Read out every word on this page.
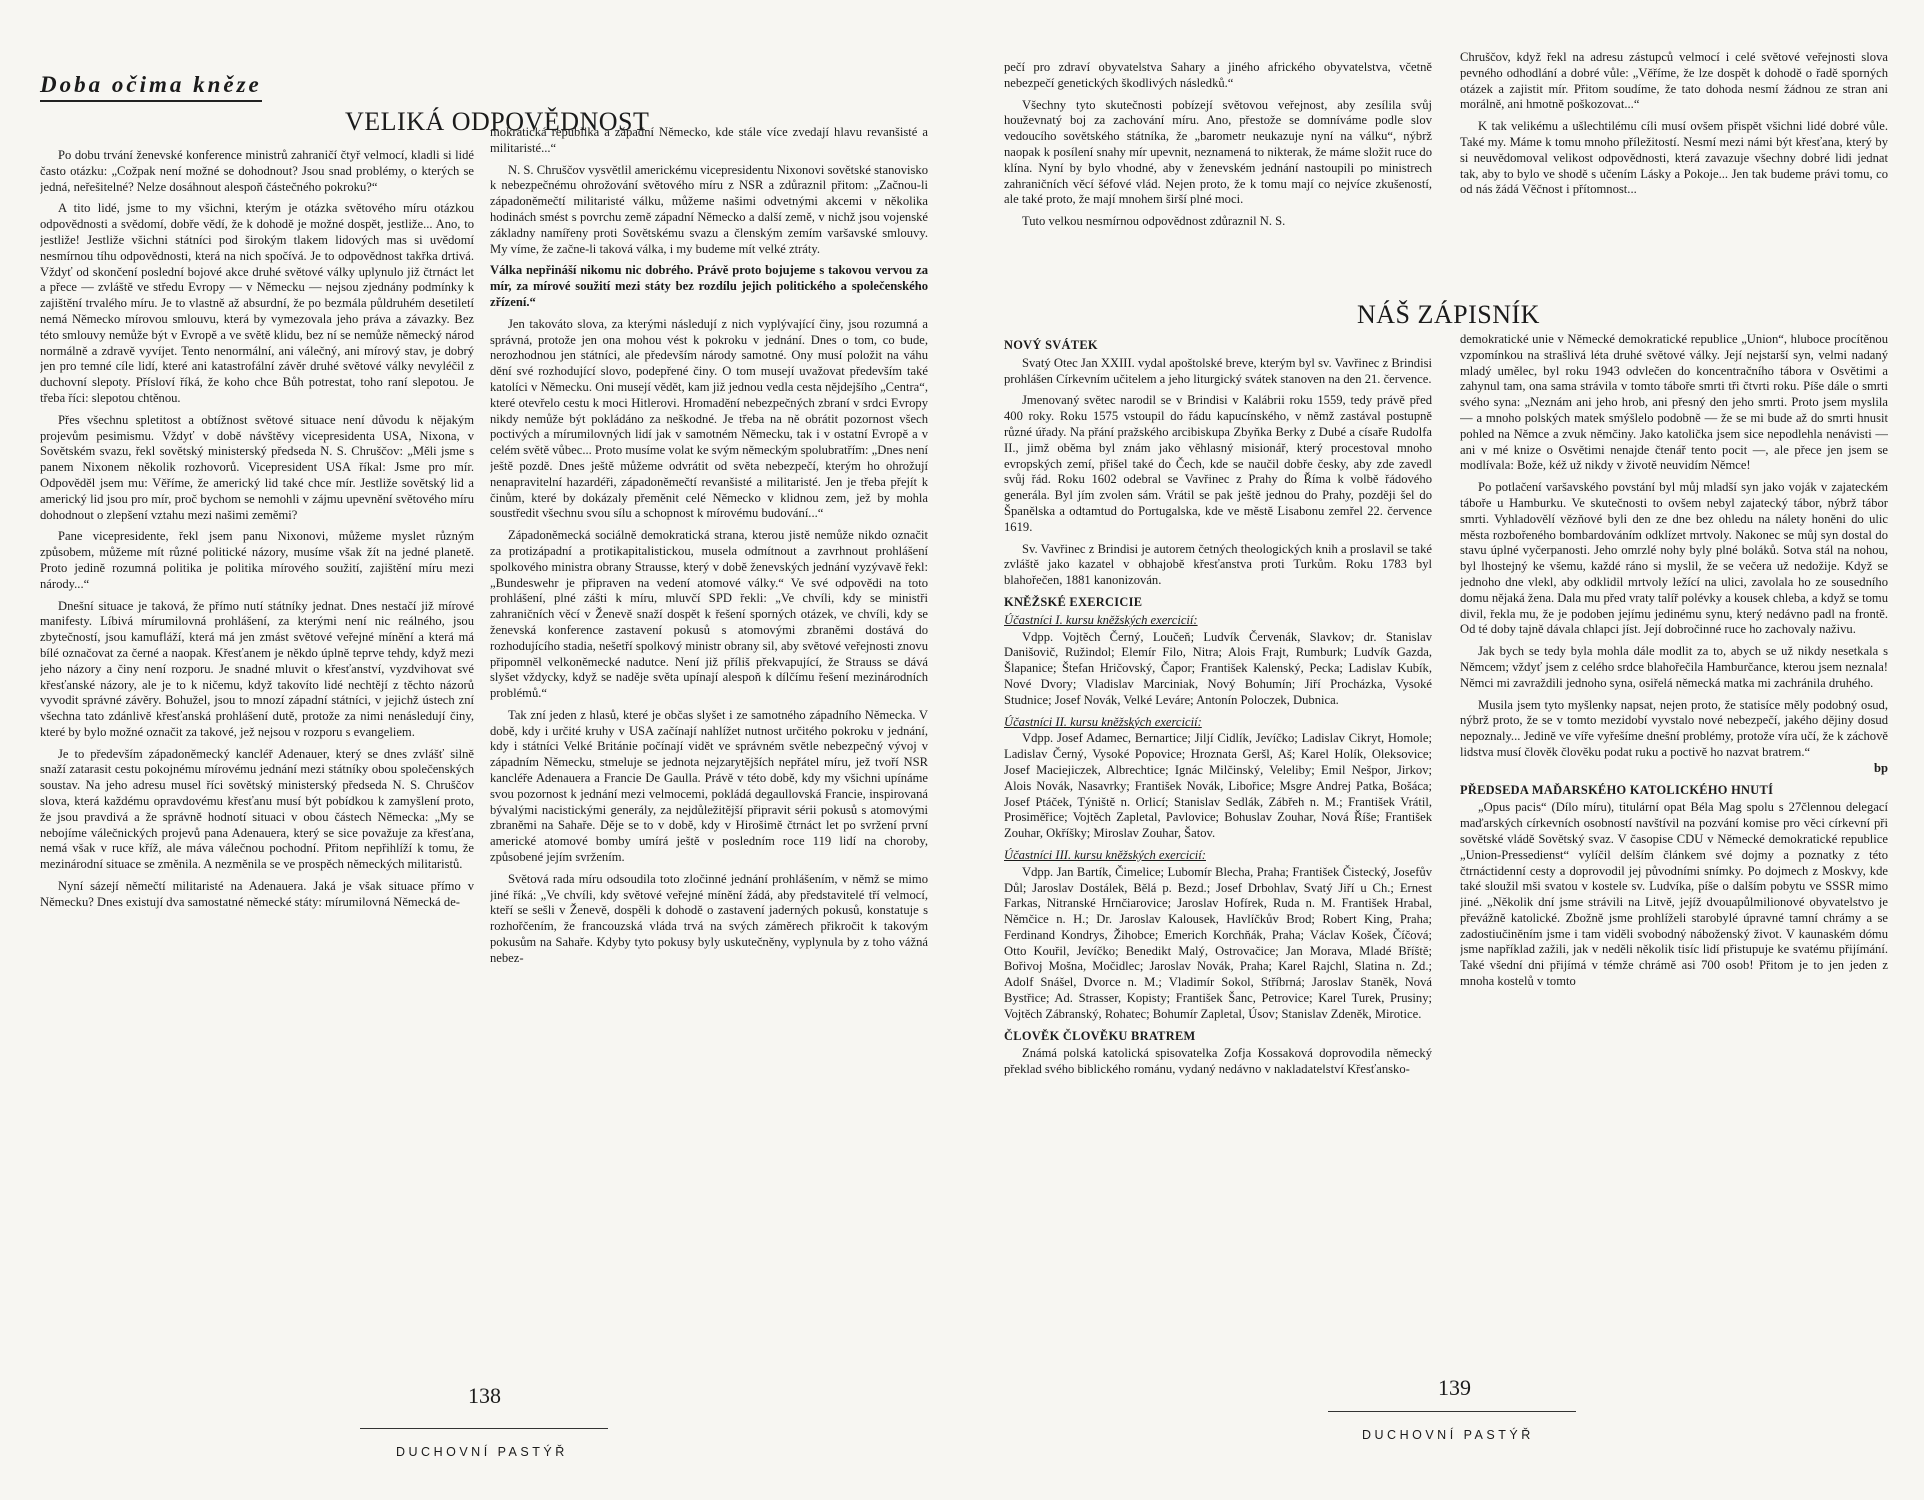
Doba očima kněze
VELIKÁ ODPOVĚDNOST

Po dobu trvání ženevské konference ministrů zahraničí čtyř velmocí, kladli si lidé často otázku: „Cožpak není možné se dohodnout? Jsou snad problémy, o kterých se jedná, neřešitelné? Nelze dosáhnout alespoň částečného pokroku?“

A tito lidé, jsme to my všichni, kterým je otázka světového míru otázkou odpovědnosti a svědomí, dobře vědí, že k dohodě je možné dospět, jestliže... Ano, to jestliže! Jestliže všichni státníci pod širokým tlakem lidových mas si uvědomí nesmírnou tíhu odpovědnosti, která na nich spočívá. Je to odpovědnost takřka drtivá. Vždyť od skončení poslední bojové akce druhé světové války uplynulo již čtrnáct let a přece — zvláště ve středu Evropy — v Německu — nejsou zjednány podmínky k zajištění trvalého míru. Je to vlastně až absurdní, že po bezmála půldruhém desetiletí nemá Německo mírovou smlouvu, která by vymezovala jeho práva a závazky. Bez této smlouvy nemůže být v Evropě a ve světě klidu, bez ní se nemůže německý národ normálně a zdravě vyvíjet. Tento nenormální, ani válečný, ani mírový stav, je dobrý jen pro temné cíle lidí, které ani katastrofální závěr druhé světové války nevyléčil z duchovní slepoty. Přísloví říká, že koho chce Bůh potrestat, toho raní slepotou. Je třeba říci: slepotou chtěnou.

Přes všechnu spletitost a obtížnost světové situace není důvodu k nějakým projevům pesimismu. Vždyť v době návštěvy vicepresidenta USA, Nixona, v Sovětském svazu, řekl sovětský ministerský předseda N. S. Chruščov: „Měli jsme s panem Nixonem několik rozhovorů. Vicepresident USA říkal: Jsme pro mír. Odpověděl jsem mu: Věříme, že americký lid také chce mír. Jestliže sovětský lid a americký lid jsou pro mír, proč bychom se nemohli v zájmu upevnění světového míru dohodnout o zlepšení vztahu mezi našimi zeměmi?

Pane vicepresidente, řekl jsem panu Nixonovi, můžeme myslet různým způsobem, můžeme mít různé politické názory, musíme však žít na jedné planetě. Proto jedině rozumná politika je politika mírového soužití, zajištění míru mezi národy...“

Dnešní situace je taková, že přímo nutí státníky jednat. Dnes nestačí již mírové manifesty. Líbivá mírumilovná prohlášení, za kterými není nic reálného, jsou zbytečností, jsou kamufláží, která má jen zmást světové veřejné mínění a která má bílé označovat za černé a naopak. Křesťanem je někdo úplně teprve tehdy, když mezi jeho názory a činy není rozporu. Je snadné mluvit o křesťanství, vyzdvihovat své křesťanské názory, ale je to k ničemu, když takovíto lidé nechtějí z těchto názorů vyvodit správné závěry. Bohužel, jsou to mnozí západní státníci, v jejichž ústech zní všechna tato zdánlivě křesťanská prohlášení dutě, protože za nimi nenásledují činy, které by bylo možné označit za takové, jež nejsou v rozporu s evangeliem.

Je to především západoněmecký kancléř Adenauer, který se dnes zvlášť silně snaží zatarasit cestu pokojnému mírovému jednání mezi státníky obou společenských soustav. Na jeho adresu musel říci sovětský ministerský předseda N. S. Chruščov slova, která každému opravdovému křesťanu musí být pobídkou k zamyšlení proto, že jsou pravdivá a že správně hodnotí situaci v obou částech Německa: „My se nebojíme válečnických projevů pana Adenauera, který se sice považuje za křesťana, nemá však v ruce kříž, ale máva válečnou pochodní. Přitom nepřihlíží k tomu, že mezinárodní situace se změnila. A nezměnila se ve prospěch německých militaristů.

Nyní sázejí němečtí militaristé na Adenauera. Jaká je však situace přímo v Německu? Dnes existují dva samostatné německé státy: mírumilovná Německá de-

mokratická republika a západní Německo, kde stále více zvedají hlavu revanšisté a militaristé...“

N. S. Chruščov vysvětlil americkému vicepresidentu Nixonovi sovětské stanovisko k nebezpečnému ohrožování světového míru z NSR a zdůraznil přitom: „Začnou-li západoněmečtí militaristé válku, můžeme našimi odvetnými akcemi v několika hodinách smést s povrchu země západní Německo a další země, v nichž jsou vojenské základny namířeny proti Sovětskému svazu a členským zemím varšavské smlouvy. My víme, že začne-li taková válka, i my budeme mít velké ztráty.

Válka nepřináší nikomu nic dobrého. Právě proto bojujeme s takovou vervou za mír, za mírové soužití mezi státy bez rozdílu jejich politického a společenského zřízení.“

Jen takováto slova, za kterými následují z nich vyplývající činy, jsou rozumná a správná, protože jen ona mohou vést k pokroku v jednání. Dnes o tom, co bude, nerozhodnou jen státníci, ale především národy samotné. Ony musí položit na váhu dění své rozhodující slovo, podepřené činy. O tom musejí uvažovat především také katolíci v Německu. Oni musejí vědět, kam již jednou vedla cesta nějdejšího „Centra“, které otevřelo cestu k moci Hitlerovi. Hromadění nebezpečných zbraní v srdci Evropy nikdy nemůže být pokládáno za neškodné. Je třeba na ně obrátit pozornost všech poctivých a mírumilovných lidí jak v samotném Německu, tak i v ostatní Evropě a v celém světě vůbec... Proto musíme volat ke svým německým spolubratřím: „Dnes není ještě pozdě. Dnes ještě můžeme odvrátit od světa nebezpečí, kterým ho ohrožují nenapravitelní hazardéři, západoněmečtí revanšisté a militaristé. Jen je třeba přejít k činům, které by dokázaly přeměnit celé Německo v klidnou zem, jež by mohla soustředit všechnu svou sílu a schopnost k mírovému budování...“

Západoněmecká sociálně demokratická strana, kterou jistě nemůže nikdo označit za protizápadní a protikapitalistickou, musela odmítnout a zavrhnout prohlášení spolkového ministra obrany Strausse, který v době ženevských jednání vyzývavě řekl: „Bundeswehr je připraven na vedení atomové války.“ Ve své odpovědi na toto prohlášení, plné zášti k míru, mluvčí SPD řekli: „Ve chvíli, kdy se ministři zahraničních věcí v Ženevě snaží dospět k řešení sporných otázek, ve chvíli, kdy se ženevská konference zastavení pokusů s atomovými zbraněmi dostává do rozhodujícího stadia, nešetří spolkový ministr obrany sil, aby světové veřejnosti znovu připomněl velkoněmecké nadutce. Není již příliš překvapující, že Strauss se dává slyšet vždycky, když se naděje světa upínají alespoň k dílčímu řešení mezinárodních problémů.“

Tak zní jeden z hlasů, které je občas slyšet i ze samotného západního Německa. V době, kdy i určité kruhy v USA začínají nahlížet nutnost určitého pokroku v jednání, kdy i státníci Velké Británie počínají vidět ve správném světle nebezpečný vývoj v západním Německu, stmeluje se jednota nejzarytějších nepřátel míru, jež tvoří NSR kancléře Adenauera a Francie De Gaulla. Právě v této době, kdy my všichni upínáme svou pozornost k jednání mezi velmocemi, pokládá degaullovská Francie, inspirovaná bývalými nacistickými generály, za nejdůležitější připravit sérii pokusů s atomovými zbraněmi na Sahaře. Děje se to v době, kdy v Hirošimě čtrnáct let po svržení první americké atomové bomby umírá ještě v posledním roce 119 lidí na choroby, způsobené jejím svržením.

Světová rada míru odsoudila toto zločinné jednání prohlášením, v němž se mimo jiné říká: „Ve chvíli, kdy světové veřejné mínění žádá, aby představitelé tří velmocí, kteří se sešli v Ženevě, dospěli k dohodě o zastavení jaderných pokusů, konstatuje s rozhořčením, že francouzská vláda trvá na svých záměrech přikročit k takovým pokusům na Sahaře. Kdyby tyto pokusy byly uskutečněny, vyplynula by z toho vážná nebez-

138
DUCHOVNÍ PASTÝŘ

pečí pro zdraví obyvatelstva Sahary a jiného afrického obyvatelstva, včetně nebezpečí genetických škodlivých následků.“

Všechny tyto skutečnosti pobízejí světovou veřejnost, aby zesílila svůj houževnatý boj za zachování míru. Ano, přestože se domníváme podle slov vedoucího sovětského státníka, že „barometr neukazuje nyní na válku“, nýbrž naopak k posílení snahy mír upevnit, neznamená to nikterak, že máme složit ruce do klína. Nyní by bylo vhodné, aby v ženevském jednání nastoupili po ministrech zahraničních věcí šéfové vlád. Nejen proto, že k tomu mají co nejvíce zkušeností, ale také proto, že mají mnohem širší plné moci.

Tuto velkou nesmírnou odpovědnost zdůraznil N. S.

Chruščov, když řekl na adresu zástupců velmocí i celé světové veřejnosti slova pevného odhodlání a dobré vůle: „Věříme, že lze dospět k dohodě o řadě sporných otázek a zajistit mír. Přitom soudíme, že tato dohoda nesmí žádnou ze stran ani morálně, ani hmotně poškozovat...“

K tak velikému a ušlechtilému cíli musí ovšem přispět všichni lidé dobré vůle. Také my. Máme k tomu mnoho příležitostí. Nesmí mezi námi být křesťana, který by si neuvědomoval velikost odpovědnosti, která zavazuje všechny dobré lidi jednat tak, aby to bylo ve shodě s učením Lásky a Pokoje... Jen tak budeme právi tomu, co od nás žádá Věčnost i přítomnost...

NÁŠ ZÁPISNÍK
NOVÝ SVÁTEK

Svatý Otec Jan XXIII. vydal apoštolské breve, kterým byl sv. Vavřinec z Brindisi prohlášen Církevním učitelem a jeho liturgický svátek stanoven na den 21. července.

Jmenovaný světec narodil se v Brindisi v Kalábrii roku 1559, tedy právě před 400 roky. Roku 1575 vstoupil do řádu kapucínského, v němž zastával postupně různé úřady. Na přání pražského arcibiskupa Zbyňka Berky z Dubé a císaře Rudolfa II., jimž oběma byl znám jako věhlasný misionář, který procestoval mnoho evropských zemí, přišel také do Čech, kde se naučil dobře česky, aby zde zavedl svůj řád. Roku 1602 odebral se Vavřinec z Prahy do Říma k volbě řádového generála. Byl jím zvolen sám. Vrátil se pak ještě jednou do Prahy, později šel do Španělska a odtamtud do Portugalska, kde ve městě Lisabonu zemřel 22. července 1619.

Sv. Vavřinec z Brindisi je autorem četných theologických knih a proslavil se také zvláště jako kazatel v obhajobě křesťanstva proti Turkům. Roku 1783 byl blahořečen, 1881 kanonizován.

KNĚŽSKÉ EXERCICIE
Účastníci I. kursu kněžských exercicií:

Vdpp. Vojtěch Černý, Loučeň; Ludvík Červenák, Slavkov; dr. Stanislav Danišovič, Ružindol; Elemír Filo, Nitra; Alois Frajt, Rumburk; Ludvík Gazda, Šlapanice; Štefan Hričovský, Čapor; František Kalenský, Pecka; Ladislav Kubík, Nové Dvory; Vladislav Marciniak, Nový Bohumín; Jiří Procházka, Vysoké Studnice; Josef Novák, Velké Leváre; Antonín Poloczek, Dubnica.

Účastníci II. kursu kněžských exercicií:

Vdpp. Josef Adamec, Bernartice; Jiljí Cidlík, Jevíčko; Ladislav Cikryt, Homole; Ladislav Černý, Vysoké Popovice; Hroznata Geršl, Aš; Karel Holík, Oleksovice; Josef Maciejiczek, Albrechtice; Ignác Milčinský, Veleliby; Emil Nešpor, Jirkov; Alois Novák, Nasavrky; František Novák, Libořice; Msgre Andrej Patka, Bošáca; Josef Ptáček, Týniště n. Orlicí; Stanislav Sedlák, Zábřeh n. M.; František Vrátil, Prosiměřice; Vojtěch Zapletal, Pavlovice; Bohuslav Zouhar, Nová Říše; František Zouhar, Okříšky; Miroslav Zouhar, Šatov.

Účastníci III. kursu kněžských exercicií:

Vdpp. Jan Bartík, Čimelice; Lubomír Blecha, Praha; František Čistecký, Josefův Důl; Jaroslav Dostálek, Bělá p. Bezd.; Josef Drbohlav, Svatý Jiří u Ch.; Ernest Farkas, Nitranské Hrnčiarovice; Jaroslav Hofírek, Ruda n. M. František Hrabal, Němčice n. H.; Dr. Jaroslav Kalousek, Havlíčkův Brod; Robert King, Praha; Ferdinand Kondrys, Žihobce; Emerich Korchňák, Praha; Václav Košek, Číčová; Otto Kouřil, Jevíčko; Benedikt Malý, Ostrovačice; Jan Morava, Mladé Bříště; Bořivoj Mošna, Močidlec; Jaroslav Novák, Praha; Karel Rajchl, Slatina n. Zd.; Adolf Snášel, Dvorce n. M.; Vladimír Sokol, Stříbrná; Jaroslav Staněk, Nová Bystřice; Ad. Strasser, Kopisty; František Šanc, Petrovice; Karel Turek, Prusiny; Vojtěch Zábranský, Rohatec; Bohumír Zapletal, Úsov; Stanislav Zdeněk, Mirotice.

ČLOVĚK ČLOVĚKU BRATREM

Známá polská katolická spisovatelka Zofja Kossaková doprovodila německý překlad svého biblického románu, vydaný nedávno v nakladatelství Křesťansko-

demokratické unie v Německé demokratické republice „Union“, hluboce procítěnou vzpomínkou na strašlivá léta druhé světové války. Její nejstarší syn, velmi nadaný mladý umělec, byl roku 1943 odvlečen do koncentračního tábora v Osvětimi a zahynul tam, ona sama strávila v tomto táboře smrti tři čtvrti roku. Píše dále o smrti svého syna: „Neznám ani jeho hrob, ani přesný den jeho smrti. Proto jsem myslila — a mnoho polských matek smýšlelo podobně — že se mi bude až do smrti hnusit pohled na Němce a zvuk němčiny. Jako katolička jsem sice nepodlehla nenávisti — ani v mé knize o Osvětimi nenajde čtenář tento pocit —, ale přece jen jsem se modlívala: Bože, kéž už nikdy v životě neuvidím Němce!

Po potlačení varšavského povstání byl můj mladší syn jako voják v zajateckém táboře u Hamburku. Ve skutečnosti to ovšem nebyl zajatecký tábor, nýbrž tábor smrti. Vyhladovělí vězňové byli den ze dne bez ohledu na nálety honěni do ulic města rozbořeného bombardováním odklízet mrtvoly. Nakonec se můj syn dostal do stavu úplné vyčerpanosti. Jeho omrzlé nohy byly plné boláků. Sotva stál na nohou, byl lhostejný ke všemu, každé ráno si myslil, že se večera už nedožije. Když se jednoho dne vlekl, aby odklidil mrtvoly ležící na ulici, zavolala ho ze sousedního domu nějaká žena. Dala mu před vraty talíř polévky a kousek chleba, a když se tomu divil, řekla mu, že je podoben jejímu jedinému synu, který nedávno padl na frontě. Od té doby tajně dávala chlapci jíst. Její dobročinné ruce ho zachovaly naživu.

Jak bych se tedy byla mohla dále modlit za to, abych se už nikdy nesetkala s Němcem; vždyť jsem z celého srdce blahořečila Hamburčance, kterou jsem neznala! Němci mi zavraždili jednoho syna, osiřelá německá matka mi zachránila druhého.

Musila jsem tyto myšlenky napsat, nejen proto, že statisíce měly podobný osud, nýbrž proto, že se v tomto mezidobí vyvstalo nové nebezpečí, jakého dějiny dosud nepoznaly... Jedině ve víře vyřešíme dnešní problémy, protože víra učí, že k záchově lidstva musí člověk člověku podat ruku a poctivě ho nazvat bratrem.“

bp
PŘEDSEDA MAĎARSKÉHO KATOLICKÉHO HNUTÍ

„Opus pacis“ (Dílo míru), titulární opat Béla Mag spolu s 27člennou delegací maďarských církevních osobností navštívil na pozvání komise pro věci církevní při sovětské vládě Sovětský svaz. V časopise CDU v Německé demokratické republice „Union-Pressedienst“ vylíčil delším článkem své dojmy a poznatky z této čtrnáctidenní cesty a doprovodil jej původními snímky. Po dojmech z Moskvy, kde také sloužil mši svatou v kostele sv. Ludvíka, píše o dalším pobytu ve SSSR mimo jiné. „Několik dní jsme strávili na Litvě, jejíž dvouapůlmilionové obyvatelstvo je převážně katolické. Zbožně jsme prohlíželi starobylé úpravné tamní chrámy a se zadostiučiněním jsme i tam viděli svobodný náboženský život. V kaunaském dómu jsme například zažili, jak v neděli několik tisíc lidí přistupuje ke svatému přijímání. Také všední dni přijímá v témže chrámě asi 700 osob! Přitom je to jen jeden z mnoha kostelů v tomto

139
DUCHOVNÍ PASTÝŘ
